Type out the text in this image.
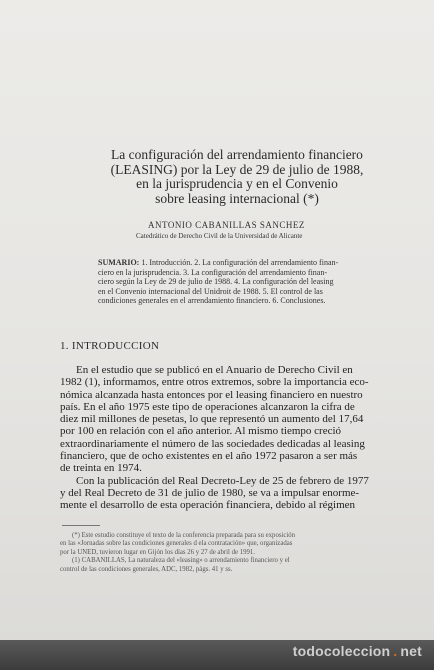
La configuración del arrendamiento financiero
(LEASING) por la Ley de 29 de julio de 1988,
en la jurisprudencia y en el Convenio
sobre leasing internacional (*)
ANTONIO CABANILLAS SANCHEZ
Catedrático de Derecho Civil de la Universidad de Alicante
SUMARIO: 1. Introducción. 2. La configuración del arrendamiento finan-
ciero en la jurisprudencia. 3. La configuración del arrendamiento finan-
ciero según la Ley de 29 de julio de 1988. 4. La configuración del leasing
en el Convenio internacional del Unidroit de 1988. 5. El control de las
condiciones generales en el arrendamiento financiero. 6. Conclusiones.
1. INTRODUCCION
En el estudio que se publicó en el Anuario de Derecho Civil en
1982 (1), informamos, entre otros extremos, sobre la importancia eco-
nómica alcanzada hasta entonces por el leasing financiero en nuestro
país. En el año 1975 este tipo de operaciones alcanzaron la cifra de
diez mil millones de pesetas, lo que representó un aumento del 17,64
por 100 en relación con el año anterior. Al mismo tiempo creció
extraordinariamente el número de las sociedades dedicadas al leasing
financiero, que de ocho existentes en el año 1972 pasaron a ser más
de treinta en 1974.
Con la publicación del Real Decreto-Ley de 25 de febrero de 1977
y del Real Decreto de 31 de julio de 1980, se va a impulsar enorme-
mente el desarrollo de esta operación financiera, debido al régimen
(*) Este estudio constituye el texto de la conferencia preparada para su exposición
en las «Jornadas sobre las condiciones generales d ela contratación» que, organizadas
por la UNED, tuvieron lugar en Gijón los días 26 y 27 de abril de 1991.
(1) CABANILLAS, La naturaleza del «leasing» o arrendamiento financiero y el
control de las condiciones generales, ADC, 1982, págs. 41 y ss.
todocoleccion . net
